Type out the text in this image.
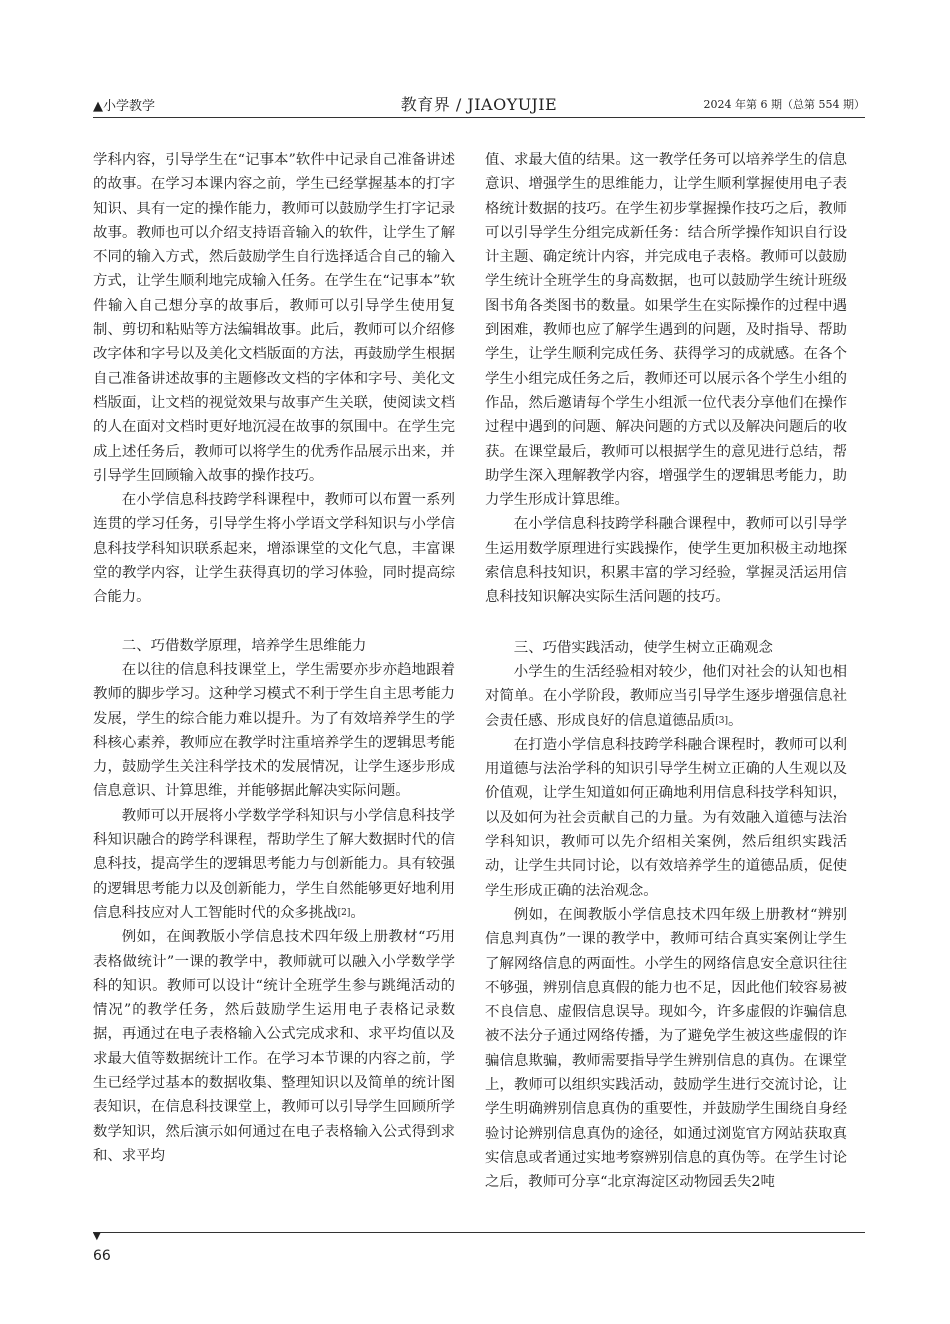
▲小学教学	教育界 / JIAOYUJIE	2024 年第 6 期（总第 554 期）

学科内容，引导学生在“记事本”软件中记录自己准备讲述的故事。在学习本课内容之前，学生已经掌握基本的打字知识、具有一定的操作能力，教师可以鼓励学生打字记录故事。教师也可以介绍支持语音输入的软件，让学生了解不同的输入方式，然后鼓励学生自行选择适合自己的输入方式，让学生顺利地完成输入任务。在学生在“记事本”软件输入自己想分享的故事后，教师可以引导学生使用复制、剪切和粘贴等方法编辑故事。此后，教师可以介绍修改字体和字号以及美化文档版面的方法，再鼓励学生根据自己准备讲述故事的主题修改文档的字体和字号、美化文档版面，让文档的视觉效果与故事产生关联，使阅读文档的人在面对文档时更好地沉浸在故事的氛围中。在学生完成上述任务后，教师可以将学生的优秀作品展示出来，并引导学生回顾输入故事的操作技巧。

在小学信息科技跨学科课程中，教师可以布置一系列连贯的学习任务，引导学生将小学语文学科知识与小学信息科技学科知识联系起来，增添课堂的文化气息，丰富课堂的教学内容，让学生获得真切的学习体验，同时提高综合能力。

二、巧借数学原理，培养学生思维能力

在以往的信息科技课堂上，学生需要亦步亦趋地跟着教师的脚步学习。这种学习模式不利于学生自主思考能力发展，学生的综合能力难以提升。为了有效培养学生的学科核心素养，教师应在教学时注重培养学生的逻辑思考能力，鼓励学生关注科学技术的发展情况，让学生逐步形成信息意识、计算思维，并能够据此解决实际问题。

教师可以开展将小学数学学科知识与小学信息科技学科知识融合的跨学科课程，帮助学生了解大数据时代的信息科技，提高学生的逻辑思考能力与创新能力。具有较强的逻辑思考能力以及创新能力，学生自然能够更好地利用信息科技应对人工智能时代的众多挑战[2]。

例如，在闽教版小学信息技术四年级上册教材“巧用表格做统计”一课的教学中，教师就可以融入小学数学学科的知识。教师可以设计“统计全班学生参与跳绳活动的情况”的教学任务，然后鼓励学生运用电子表格记录数据，再通过在电子表格输入公式完成求和、求平均值以及求最大值等数据统计工作。在学习本节课的内容之前，学生已经学过基本的数据收集、整理知识以及简单的统计图表知识，在信息科技课堂上，教师可以引导学生回顾所学数学知识，然后演示如何通过在电子表格输入公式得到求和、求平均

值、求最大值的结果。这一教学任务可以培养学生的信息意识、增强学生的思维能力，让学生顺利掌握使用电子表格统计数据的技巧。在学生初步掌握操作技巧之后，教师可以引导学生分组完成新任务：结合所学操作知识自行设计主题、确定统计内容，并完成电子表格。教师可以鼓励学生统计全班学生的身高数据，也可以鼓励学生统计班级图书角各类图书的数量。如果学生在实际操作的过程中遇到困难，教师也应了解学生遇到的问题，及时指导、帮助学生，让学生顺利完成任务、获得学习的成就感。在各个学生小组完成任务之后，教师还可以展示各个学生小组的作品，然后邀请每个学生小组派一位代表分享他们在操作过程中遇到的问题、解决问题的方式以及解决问题后的收获。在课堂最后，教师可以根据学生的意见进行总结，帮助学生深入理解教学内容，增强学生的逻辑思考能力，助力学生形成计算思维。

在小学信息科技跨学科融合课程中，教师可以引导学生运用数学原理进行实践操作，使学生更加积极主动地探索信息科技知识，积累丰富的学习经验，掌握灵活运用信息科技知识解决实际生活问题的技巧。

三、巧借实践活动，使学生树立正确观念

小学生的生活经验相对较少，他们对社会的认知也相对简单。在小学阶段，教师应当引导学生逐步增强信息社会责任感、形成良好的信息道德品质[3]。

在打造小学信息科技跨学科融合课程时，教师可以利用道德与法治学科的知识引导学生树立正确的人生观以及价值观，让学生知道如何正确地利用信息科技学科知识，以及如何为社会贡献自己的力量。为有效融入道德与法治学科知识，教师可以先介绍相关案例，然后组织实践活动，让学生共同讨论，以有效培养学生的道德品质，促使学生形成正确的法治观念。

例如，在闽教版小学信息技术四年级上册教材“辨别信息判真伪”一课的教学中，教师可结合真实案例让学生了解网络信息的两面性。小学生的网络信息安全意识往往不够强，辨别信息真假的能力也不足，因此他们较容易被不良信息、虚假信息误导。现如今，许多虚假的诈骗信息被不法分子通过网络传播，为了避免学生被这些虚假的诈骗信息欺骗，教师需要指导学生辨别信息的真伪。在课堂上，教师可以组织实践活动，鼓励学生进行交流讨论，让学生明确辨别信息真伪的重要性，并鼓励学生围绕自身经验讨论辨别信息真伪的途径，如通过浏览官方网站获取真实信息或者通过实地考察辨别信息的真伪等。在学生讨论之后，教师可分享“北京海淀区动物园丢失2吨

▼
66
